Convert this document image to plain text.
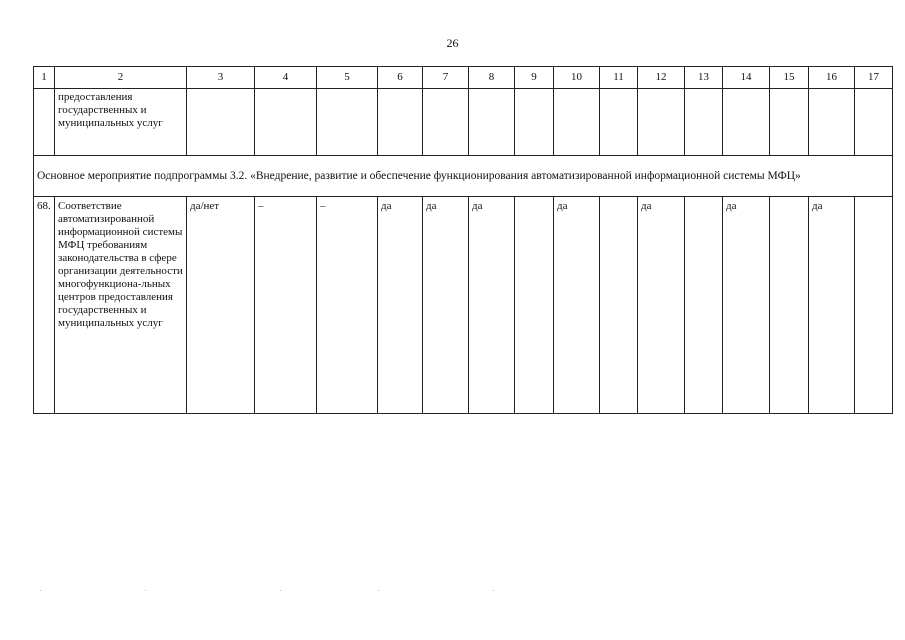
26
1	2	3	4	5	6	7	8	9	10	11	12	13	14	15	16	17
	предоставления государственных и муниципальных услуг															
Основное мероприятие подпрограммы 3.2. «Внедрение, развитие и обеспечение функционирования автоматизированной информационной системы МФЦ»																
68.	Соответствие автоматизированной информационной системы МФЦ требованиям законодательства в сфере организации деятельности многофункциона-льных центров предоставления государственных и муниципальных услуг	да/нет	–	–	да	да	да		да		да		да		да	
